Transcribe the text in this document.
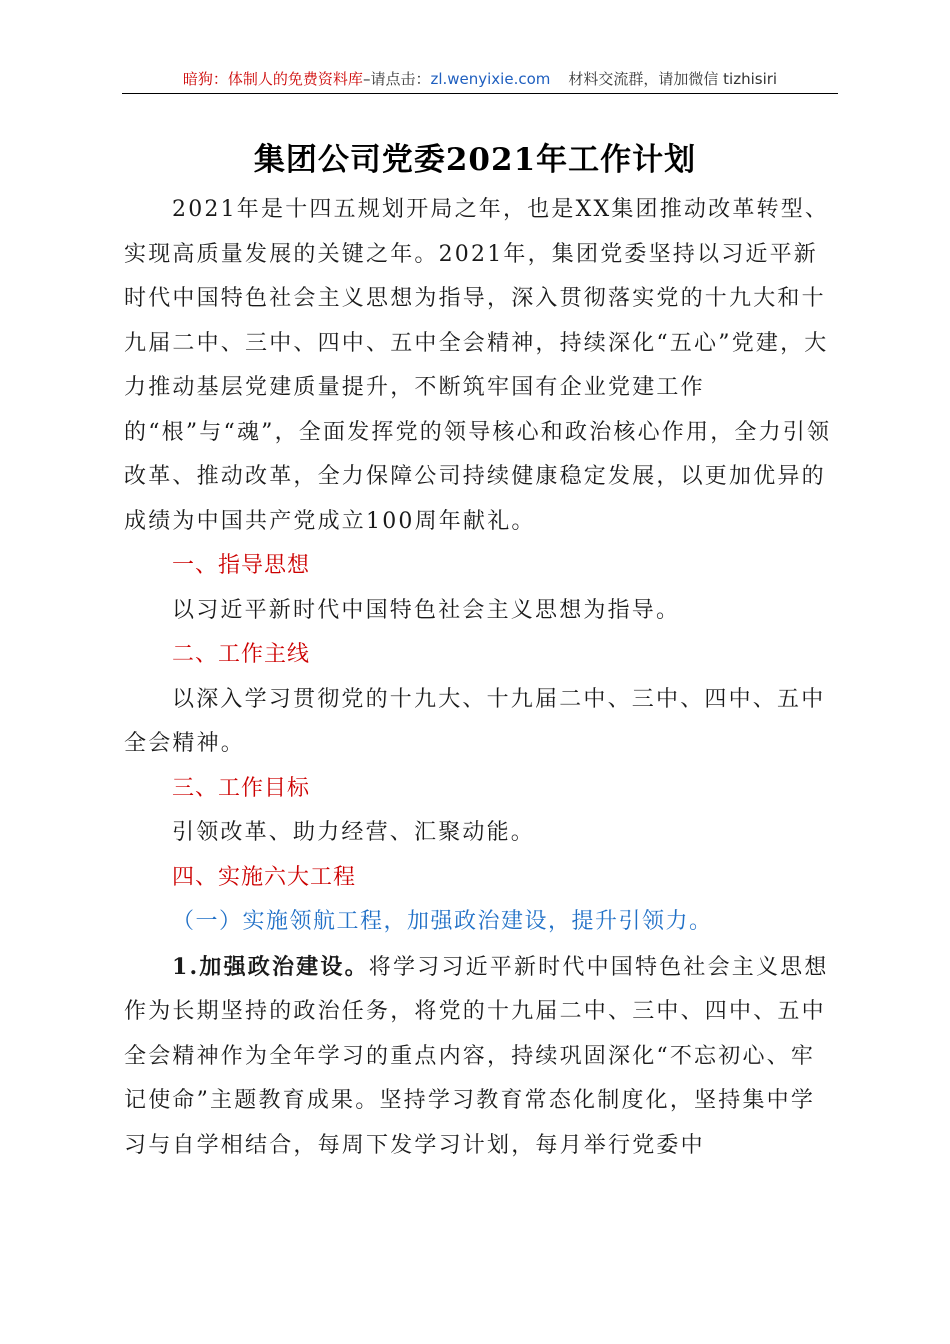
暗狗：体制人的免费资料库–请点击：zl.wenyixie.com 材料交流群，请加微信 tizhisiri
集团公司党委2021年工作计划

2021年是十四五规划开局之年，也是XX集团推动改革转型、实现高质量发展的关键之年。2021年，集团党委坚持以习近平新时代中国特色社会主义思想为指导，深入贯彻落实党的十九大和十九届二中、三中、四中、五中全会精神，持续深化“五心”党建，大力推动基层党建质量提升，不断筑牢国有企业党建工作的“根”与“魂”，全面发挥党的领导核心和政治核心作用，全力引领改革、推动改革，全力保障公司持续健康稳定发展，以更加优异的成绩为中国共产党成立100周年献礼。

一、指导思想

以习近平新时代中国特色社会主义思想为指导。

二、工作主线

以深入学习贯彻党的十九大、十九届二中、三中、四中、五中全会精神。

三、工作目标

引领改革、助力经营、汇聚动能。

四、实施六大工程

（一）实施领航工程，加强政治建设，提升引领力。

1.加强政治建设。将学习习近平新时代中国特色社会主义思想作为长期坚持的政治任务，将党的十九届二中、三中、四中、五中全会精神作为全年学习的重点内容，持续巩固深化“不忘初心、牢记使命”主题教育成果。坚持学习教育常态化制度化，坚持集中学习与自学相结合，每周下发学习计划，每月举行党委中
